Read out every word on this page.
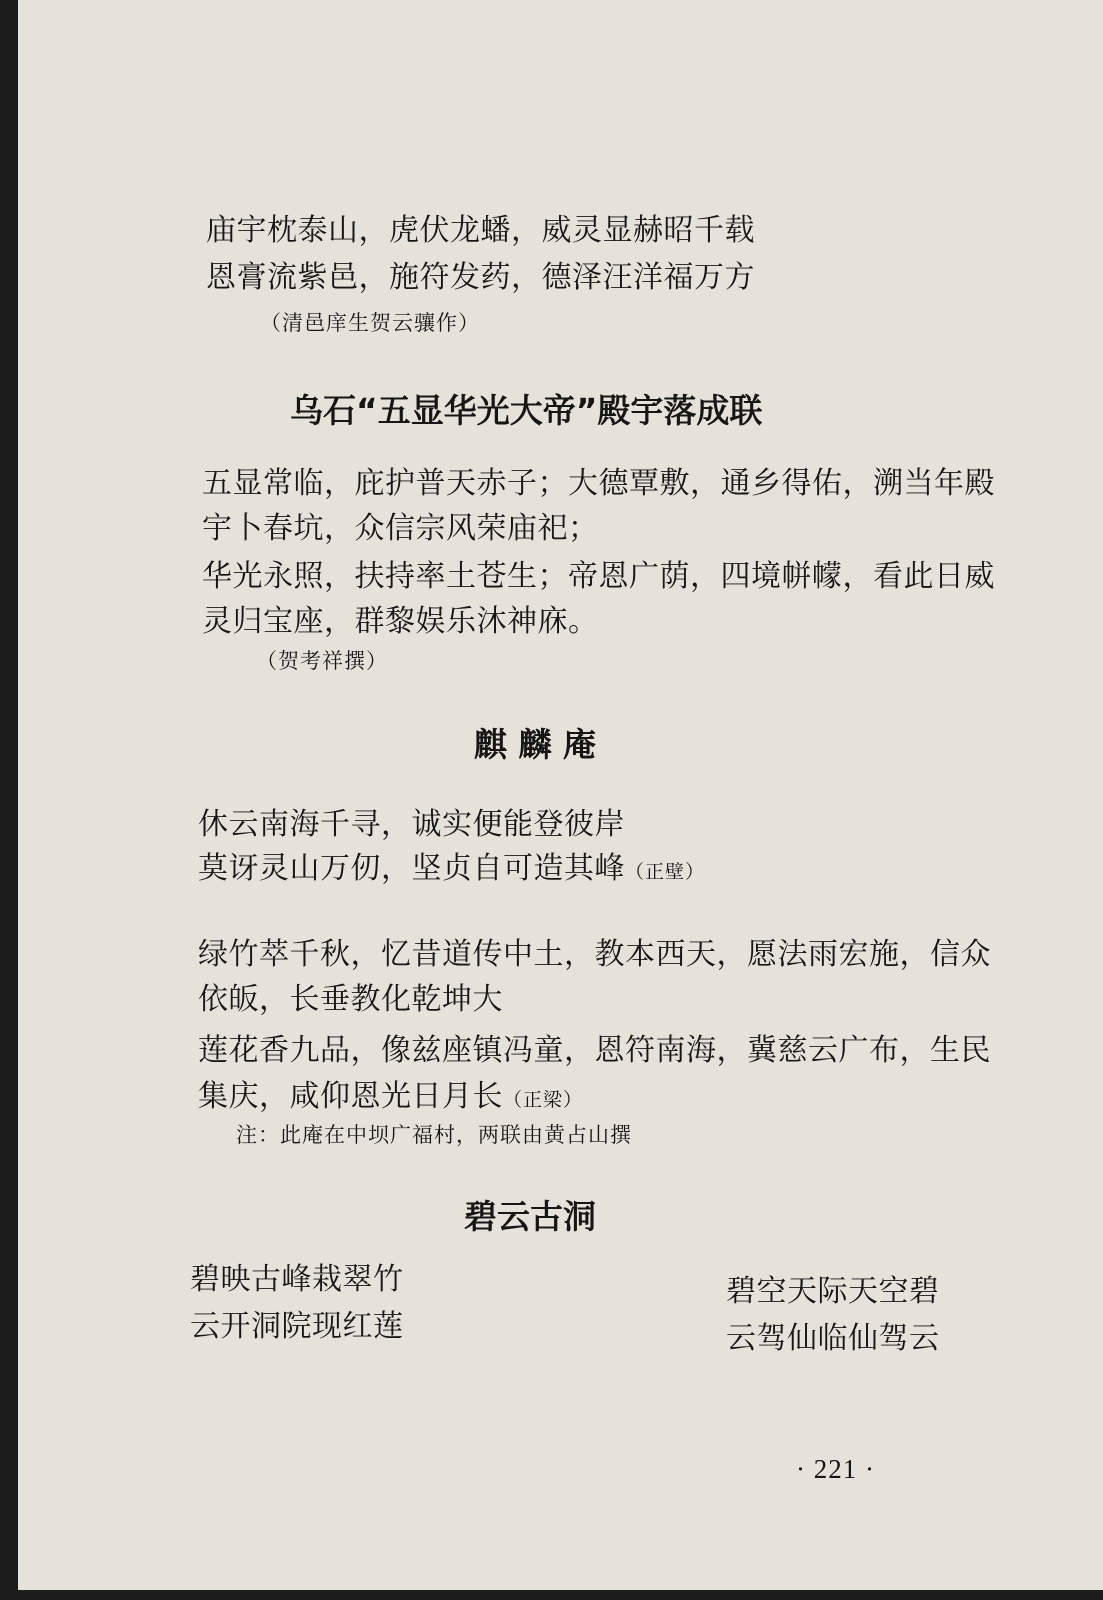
庙宇枕泰山，虎伏龙蟠，威灵显赫昭千载
恩膏流紫邑，施符发药，德泽汪洋福万方
（清邑庠生贺云骧作）
乌石“五显华光大帝”殿宇落成联
五显常临，庇护普天赤子；大德覃敷，通乡得佑，溯当年殿
宇卜春坑，众信宗风荣庙祀；
华光永照，扶持率土苍生；帝恩广荫，四境帡幪，看此日威
灵归宝座，群黎娱乐沐神庥。
（贺考祥撰）
麒 麟 庵
休云南海千寻，诚实便能登彼岸
莫讶灵山万仞，坚贞自可造其峰（正壁）
绿竹萃千秋，忆昔道传中土，教本西天，愿法雨宏施，信众
依皈，长垂教化乾坤大
莲花香九品，像兹座镇冯童，恩符南海，冀慈云广布，生民
集庆，咸仰恩光日月长（正梁）
注：此庵在中坝广福村，两联由黄占山撰
碧云古洞
碧映古峰栽翠竹
云开洞院现红莲
碧空天际天空碧
云驾仙临仙驾云
· 221 ·
